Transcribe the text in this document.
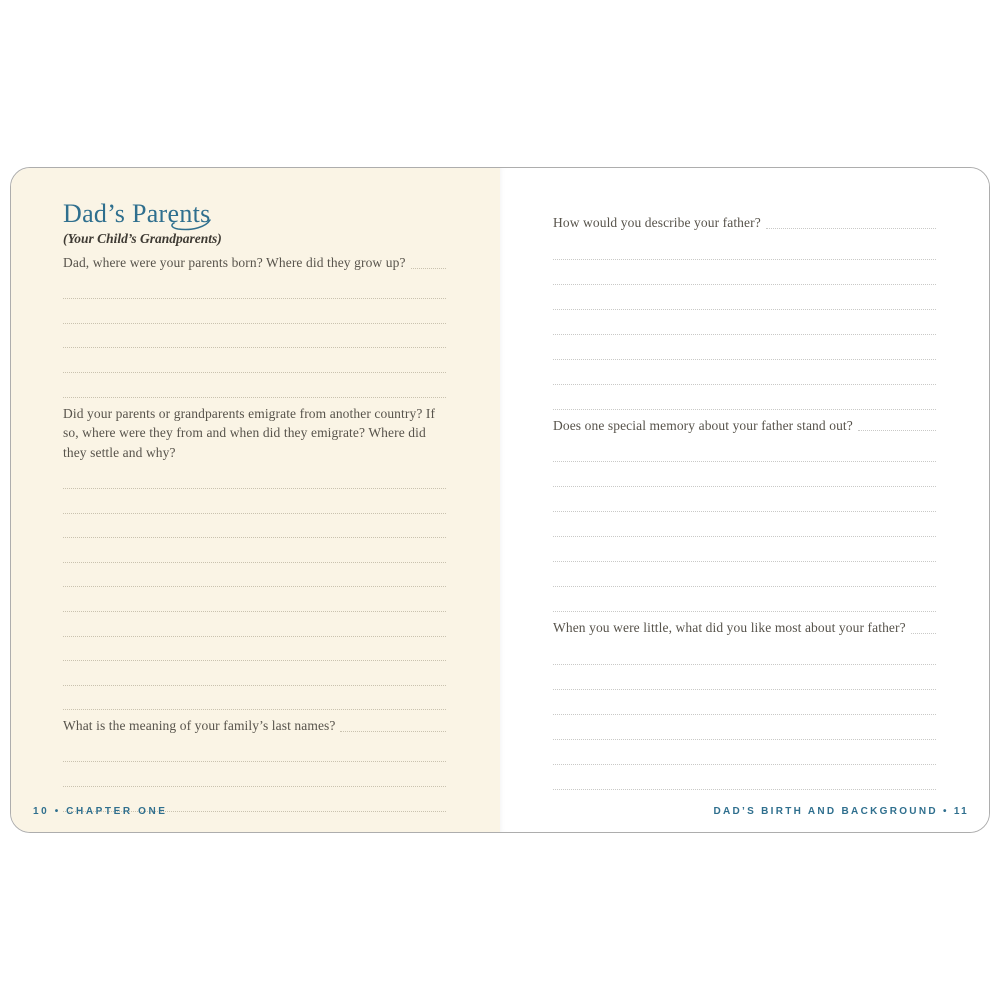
Dad’s Parents

(Your Child’s Grandparents)

Dad, where were your parents born? Where did they grow up?

Did your parents or grandparents emigrate from another country? If so, where were they from and when did they emigrate? Where did they settle and why?

What is the meaning of your family’s last names?

How would you describe your father?

Does one special memory about your father stand out?

When you were little, what did you like most about your father?

10 • CHAPTER ONE	DAD’S BIRTH AND BACKGROUND • 11
